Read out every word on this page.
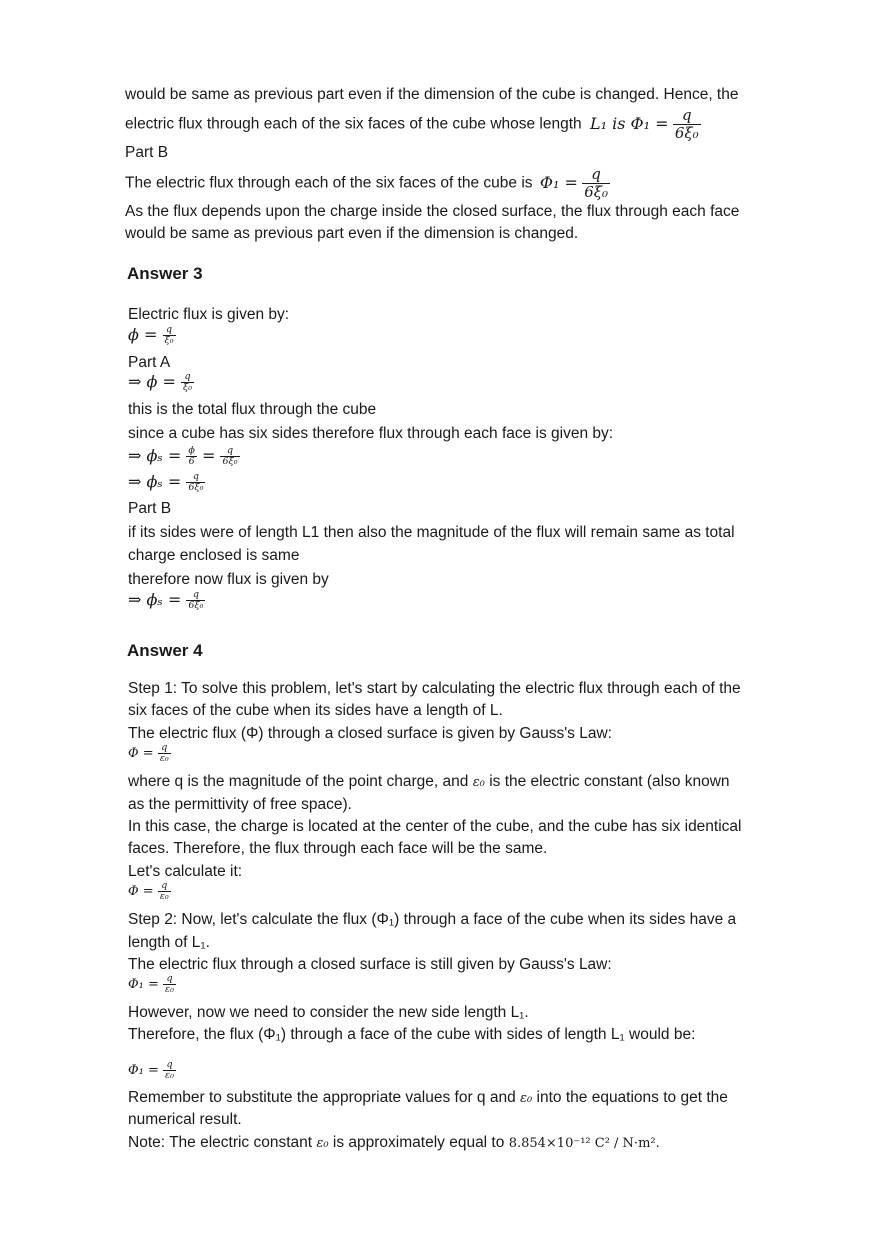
would be same as previous part even if the dimension of the cube is changed. Hence, the
electric flux through each of the six faces of the cube whose length L₁ is $\Phi_1 = \frac{q}{\text{6ξ₀}}$
Part B
The electric flux through each of the six faces of the cube is $\Phi_1 = \frac{q}{\text{6ξ₀}}$
As the flux depends upon the charge inside the closed surface, the flux through each face
would be same as previous part even if the dimension is changed.
Answer 3
Electric flux is given by:
$\phi = \frac{q}{\text{ξ₀}}$
Part A
⇒ $\phi = \frac{q}{\text{ξ₀}}$
this is the total flux through the cube
since a cube has six sides therefore flux through each face is given by:
⇒ $\phi_s = \frac{\phi}{6} = \frac{q}{\text{6ξ₀}}$
⇒ $\phi_s = \frac{q}{\text{6ξ₀}}$
Part B
if its sides were of length L1 then also the magnitude of the flux will remain same as total
charge enclosed is same
therefore now flux is given by
⇒ $\phi_s = \frac{q}{\text{6ξ₀}}$
Answer 4
Step 1: To solve this problem, let's start by calculating the electric flux through each of the
six faces of the cube when its sides have a length of L.
The electric flux (Φ) through a closed surface is given by Gauss's Law:
$\Phi = \frac{q}{\text{ε₀}}$
where q is the magnitude of the point charge, and ε₀ is the electric constant (also known
as the permittivity of free space).
In this case, the charge is located at the center of the cube, and the cube has six identical
faces. Therefore, the flux through each face will be the same.
Let's calculate it:
$\Phi = \frac{q}{\text{ε₀}}$
Step 2: Now, let's calculate the flux (Φ₁) through a face of the cube when its sides have a
length of L₁.
The electric flux through a closed surface is still given by Gauss's Law:
$\Phi_1 = \frac{q}{\text{ε₀}}$
However, now we need to consider the new side length L₁.
Therefore, the flux (Φ₁) through a face of the cube with sides of length L₁ would be:
$\Phi_1 = \frac{q}{\text{ε₀}}$
Remember to substitute the appropriate values for q and ε₀ into the equations to get the
numerical result.
Note: The electric constant ε₀ is approximately equal to 8.854×10⁻¹² C² / N·m².
